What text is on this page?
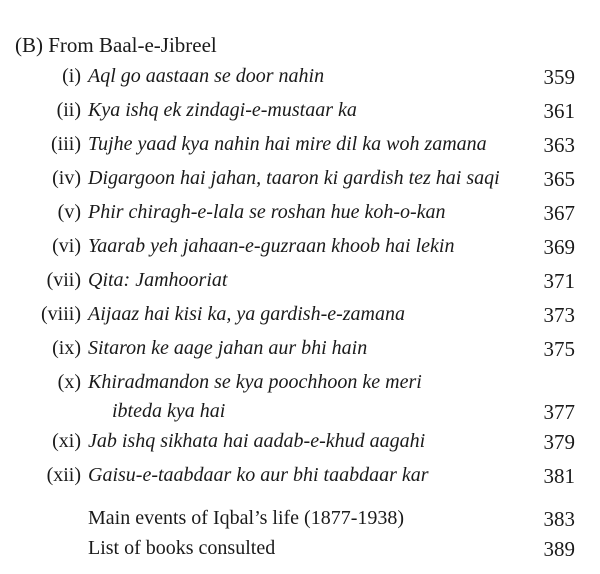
(B) From Baal-e-Jibreel
(i) Aql go aastaan se door nahin	359
(ii) Kya ishq ek zindagi-e-mustaar ka	361
(iii) Tujhe yaad kya nahin hai mire dil ka woh zamana	363
(iv) Digargoon hai jahan, taaron ki gardish tez hai saqi 365
(v) Phir chiragh-e-lala se roshan hue koh-o-kan	367
(vi) Yaarab yeh jahaan-e-guzraan khoob hai lekin	369
(vii) Qita: Jamhooriat	371
(viii) Aijaaz hai kisi ka, ya gardish-e-zamana	373
(ix) Sitaron ke aage jahan aur bhi hain	375
(x) Khiradmandon se kya poochhoon ke meri
ibteda kya hai	377
(xi) Jab ishq sikhata hai aadab-e-khud aagahi	379
(xii) Gaisu-e-taabdaar ko aur bhi taabdaar kar	381
Main events of Iqbal’s life (1877-1938)	383
List of books consulted	389
